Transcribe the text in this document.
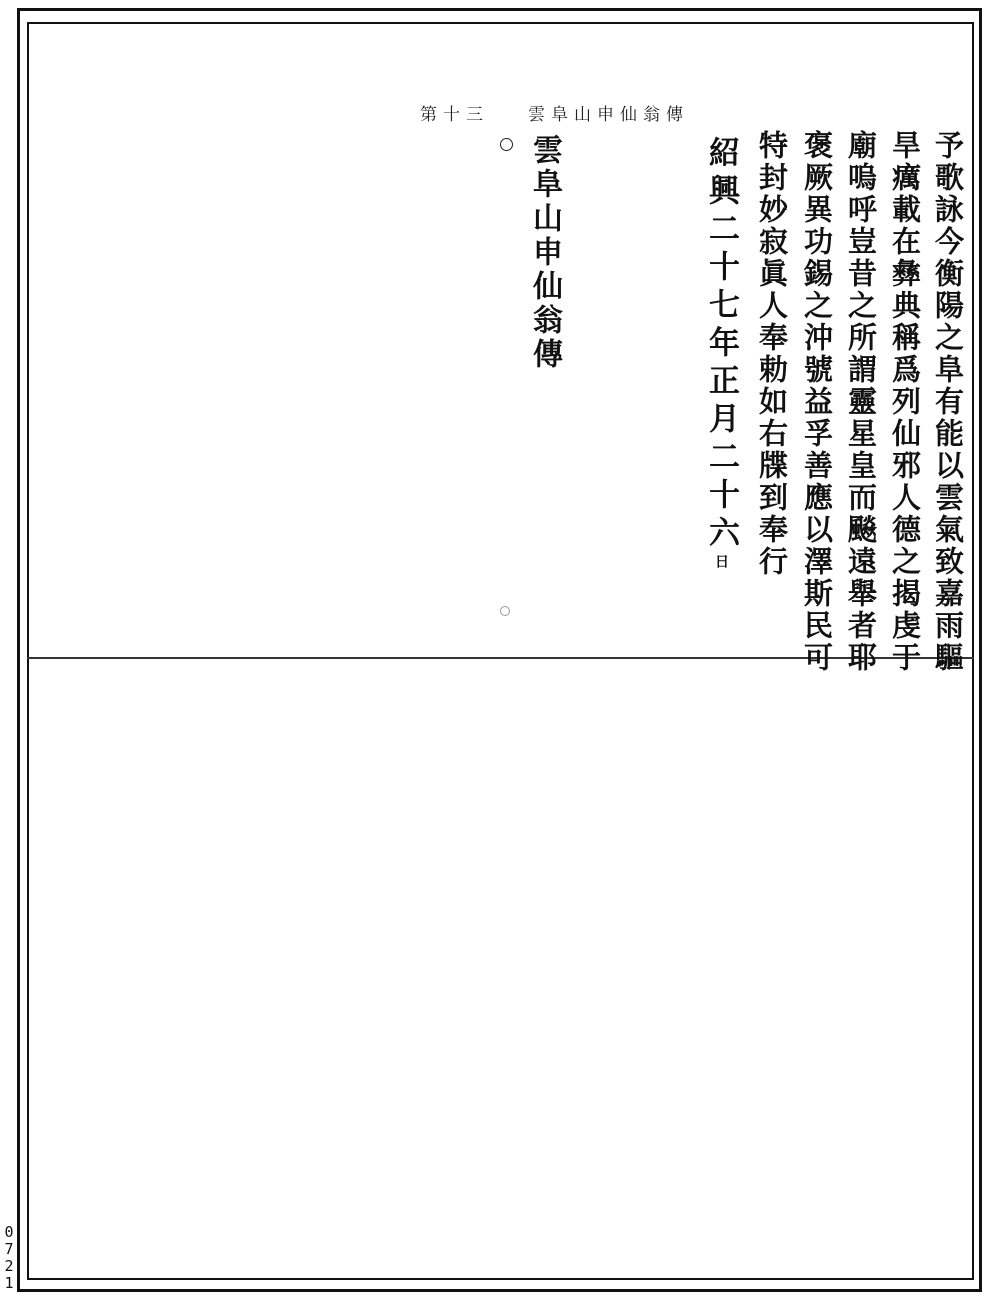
第十三 雲阜山申仙翁傳
予歌詠今衡陽之阜有能以雲氣致嘉雨驅
旱癘載在彝典稱爲列仙邪人德之揭虔于
廟嗚呼豈昔之所謂靈星皇而飈遠舉者耶
褒厥異功錫之沖號益孚善應以澤斯民可
特封妙寂眞人奉勅如右牒到奉行
紹興二十七年正月二十六日
雲阜山申仙翁傳
0721
